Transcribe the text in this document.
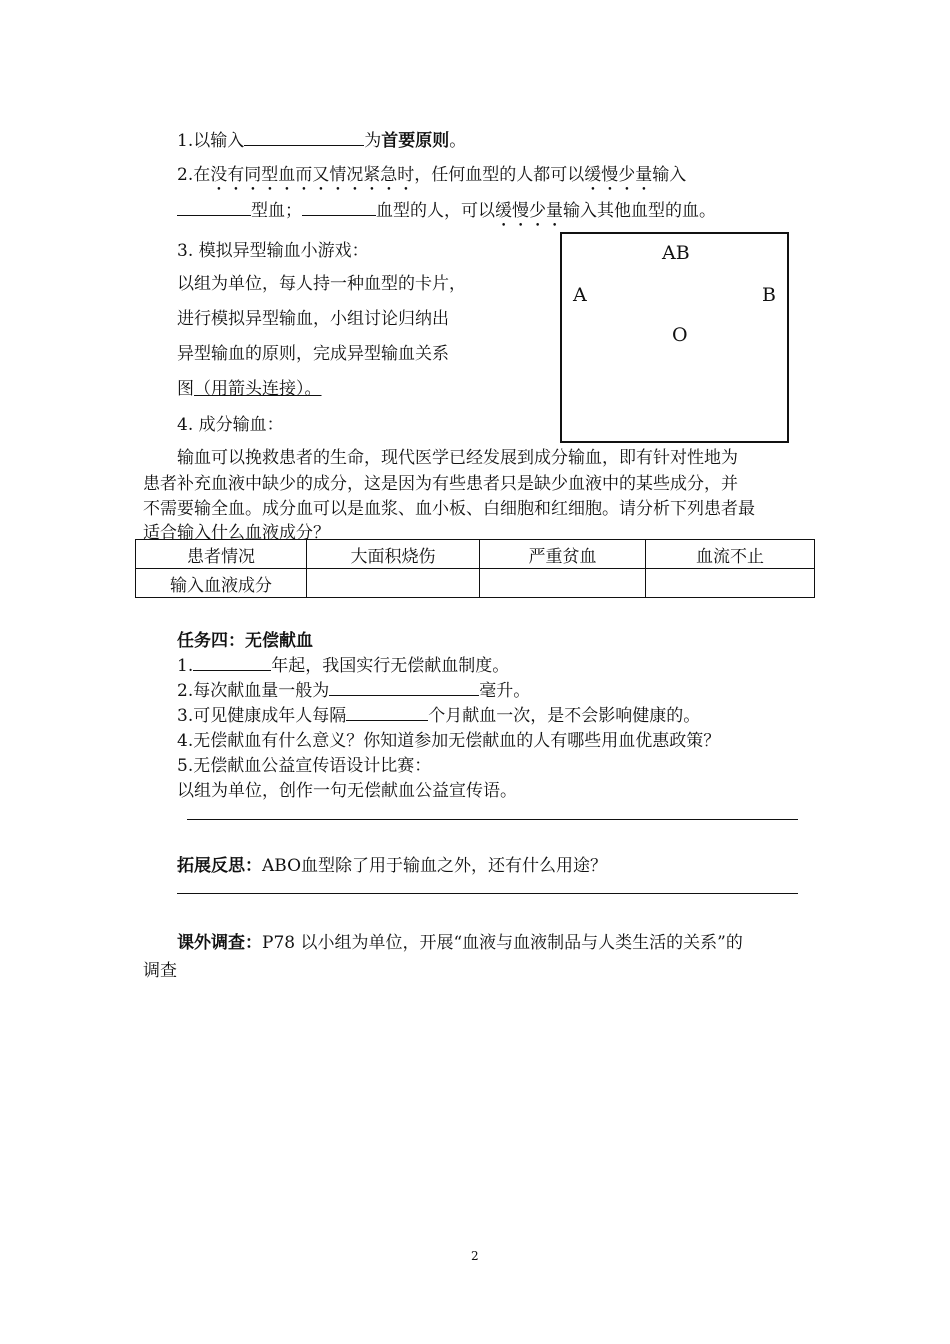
1.以输入	为首要原则。
2.在没有同型血而又情况紧急时，任何血型的人都可以缓慢少量输入
型血；	血型的人，可以缓慢少量输入其他血型的血。
3. 模拟异型输血小游戏：
以组为单位，每人持一种血型的卡片，
进行模拟异型输血，小组讨论归纳出
异型输血的原则，完成异型输血关系
图（用箭头连接）。
4. 成分输血：
AB
A	B
O
输血可以挽救患者的生命，现代医学已经发展到成分输血，即有针对性地为
患者补充血液中缺少的成分，这是因为有些患者只是缺少血液中的某些成分，并
不需要输全血。成分血可以是血浆、血小板、白细胞和红细胞。请分析下列患者最
适合输入什么血液成分？
患者情况	大面积烧伤	严重贫血	血流不止
输入血液成分			
任务四：无偿献血
1.	年起，我国实行无偿献血制度。
2.每次献血量一般为	毫升。
3.可见健康成年人每隔	个月献血一次，是不会影响健康的。
4.无偿献血有什么意义？你知道参加无偿献血的人有哪些用血优惠政策？
5.无偿献血公益宣传语设计比赛：
以组为单位，创作一句无偿献血公益宣传语。
拓展反思：ABO血型除了用于输血之外，还有什么用途？
课外调查：P78 以小组为单位，开展“血液与血液制品与人类生活的关系”的
调查
2
